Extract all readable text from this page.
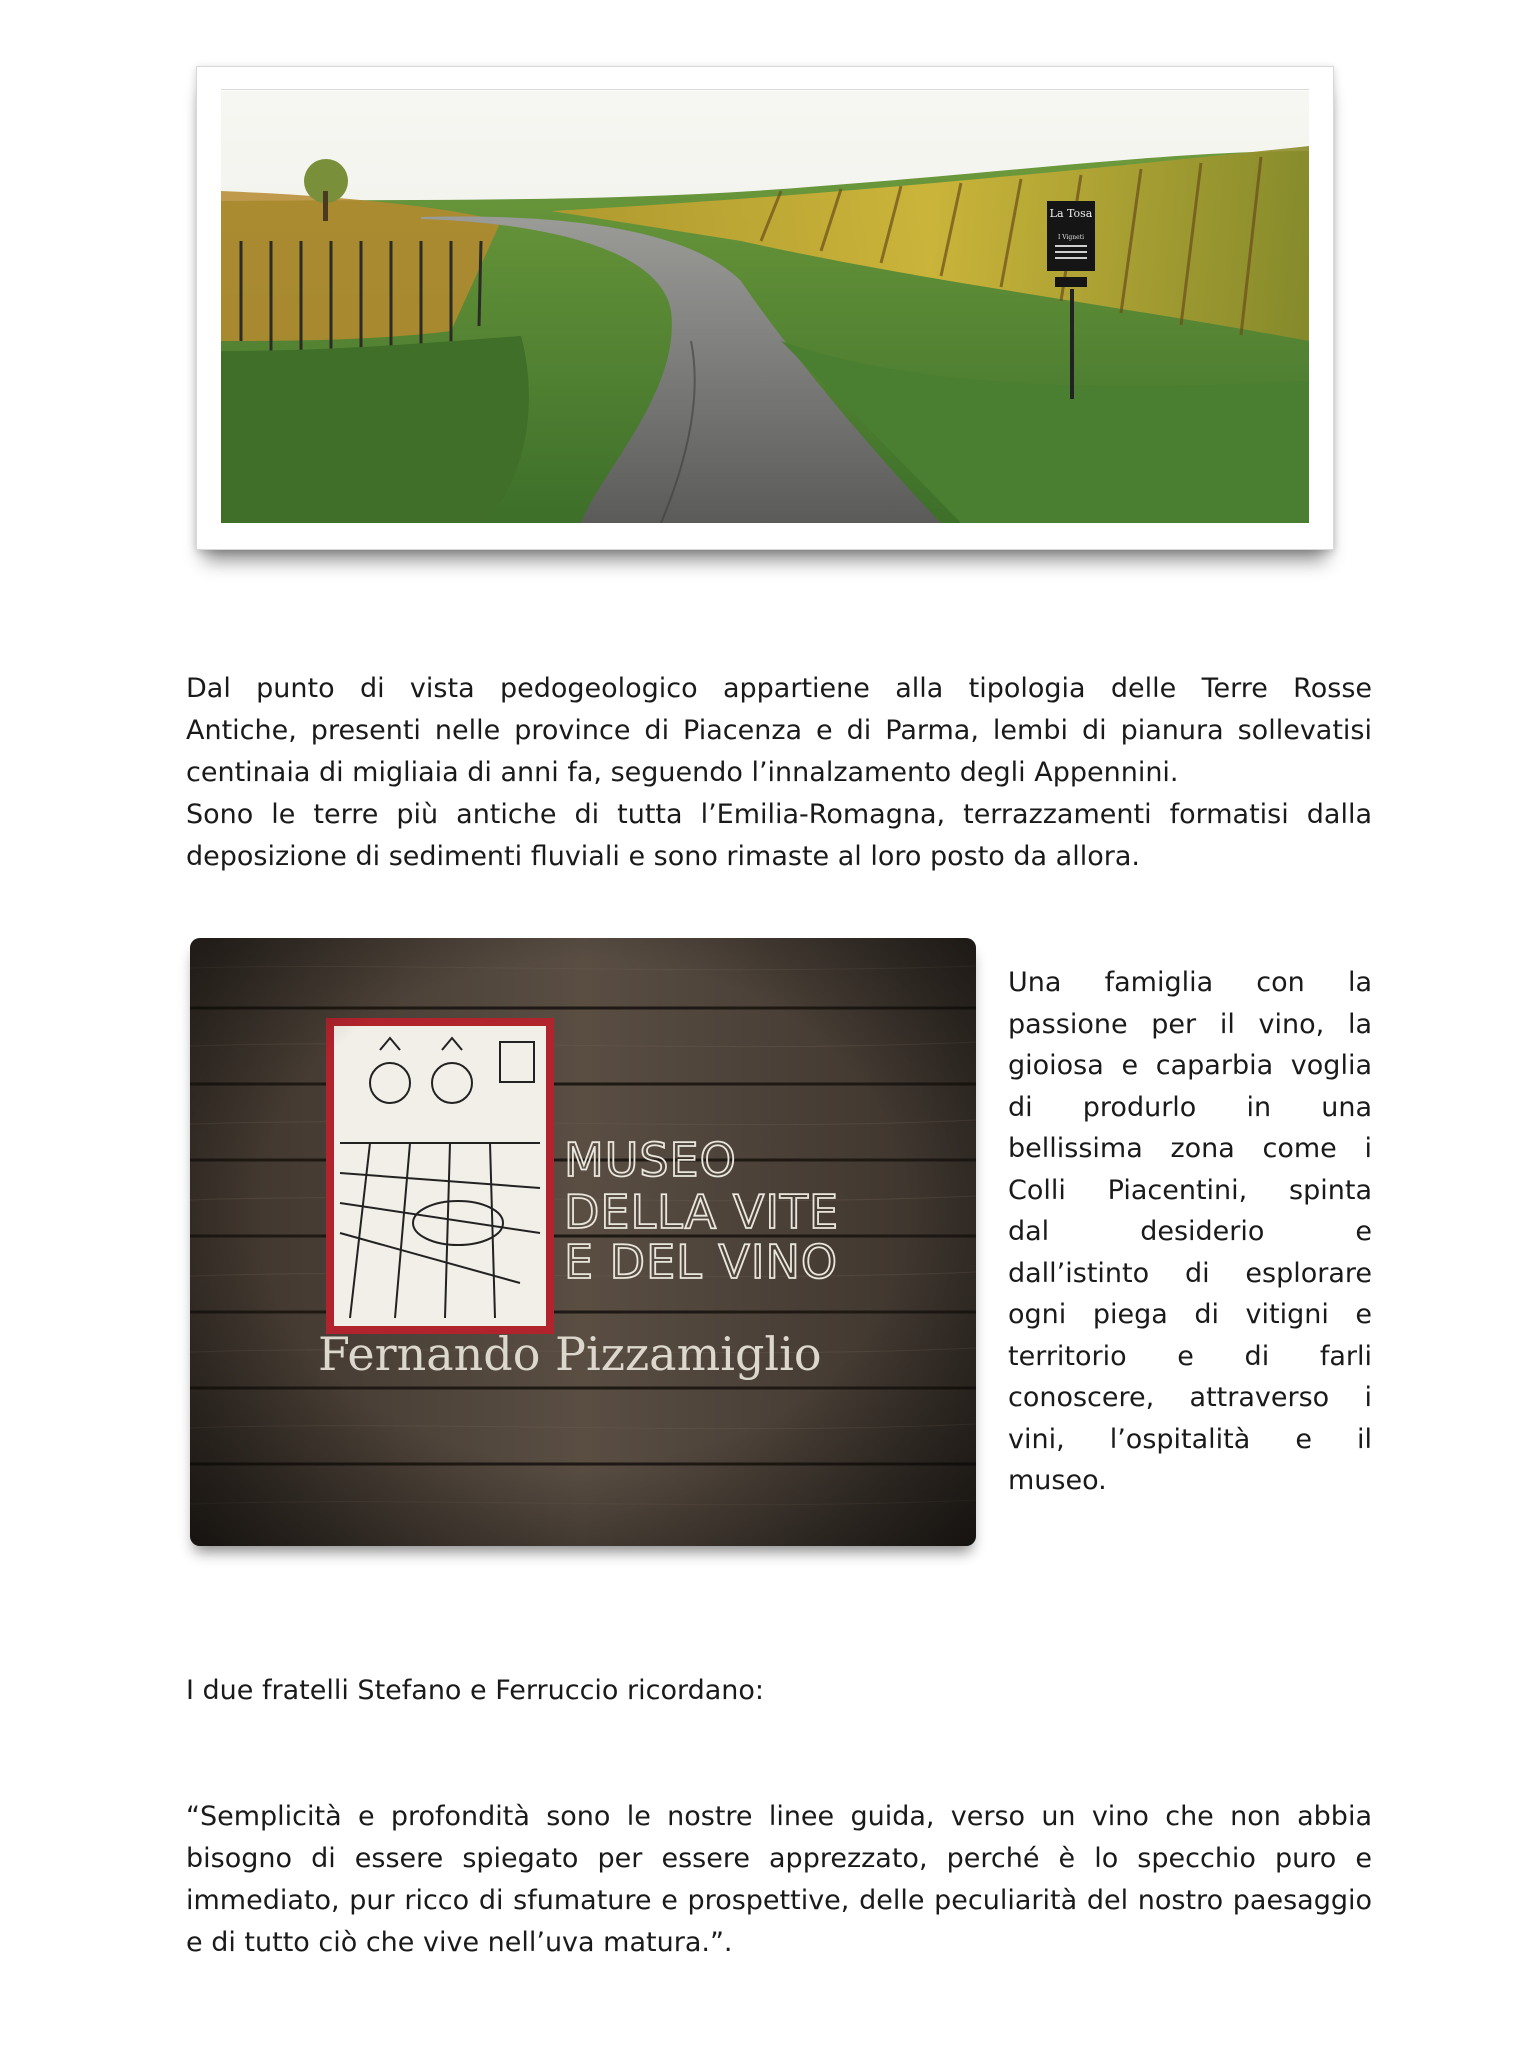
La Tosa
I Vigneti

Dal punto di vista pedogeologico appartiene alla tipologia delle Terre Rosse
Antiche, presenti nelle province di Piacenza e di Parma, lembi di pianura sollevatisi
centinaia di migliaia di anni fa, seguendo l’innalzamento degli Appennini.
Sono le terre più antiche di tutta l’Emilia-Romagna, terrazzamenti formatisi dalla
deposizione di sedimenti fluviali e sono rimaste al loro posto da allora.

Una famiglia con la
passione per il vino, la
gioiosa e caparbia voglia
di produrlo in una
bellissima zona come i
Colli Piacentini, spinta
dal desiderio e
dall’istinto di esplorare
ogni piega di vitigni e
territorio e di farli
conoscere, attraverso i
vini, l’ospitalità e il
museo.

I due fratelli Stefano e Ferruccio ricordano:

“Semplicità e profondità sono le nostre linee guida, verso un vino che non abbia bisogno di essere spiegato per essere apprezzato, perché è lo specchio puro e immediato, pur ricco di sfumature e prospettive, delle peculiarità del nostro paesaggio e di tutto ciò che vive nell’uva matura.”.
